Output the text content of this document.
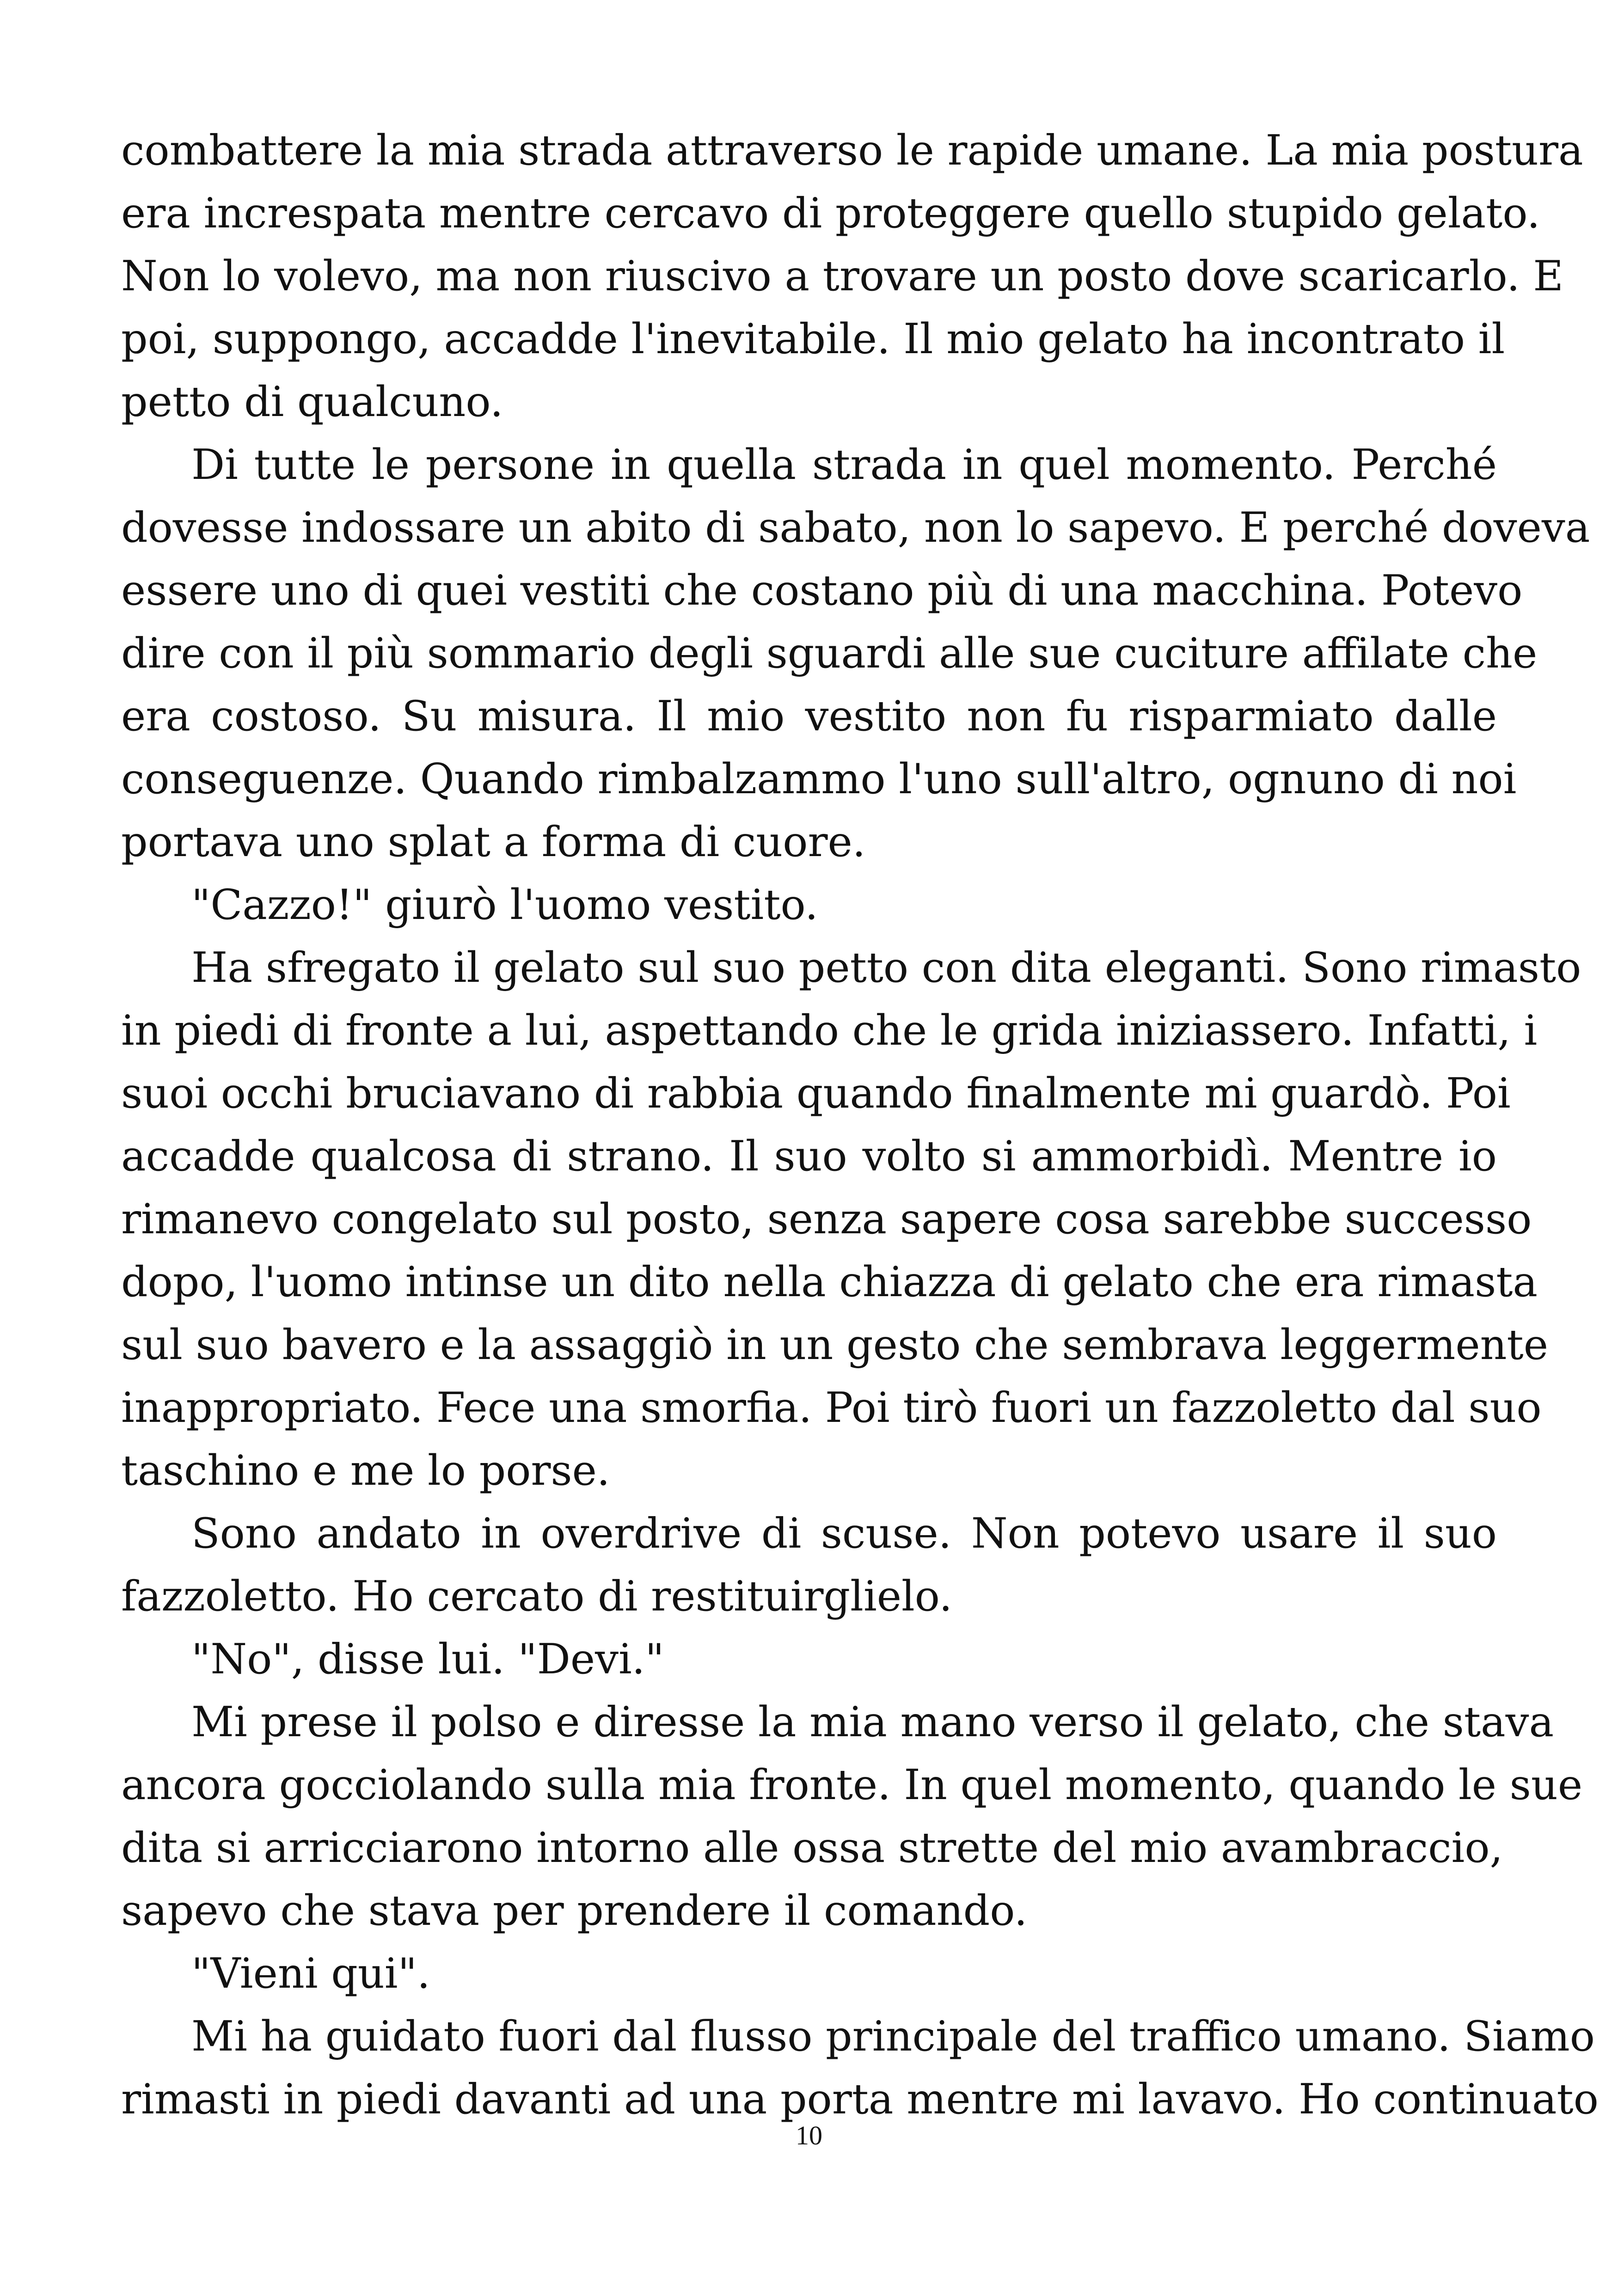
combattere la mia strada attraverso le rapide umane. La mia postura
era increspata mentre cercavo di proteggere quello stupido gelato.
Non lo volevo, ma non riuscivo a trovare un posto dove scaricarlo. E
poi, suppongo, accadde l'inevitabile. Il mio gelato ha incontrato il
petto di qualcuno.
Di tutte le persone in quella strada in quel momento. Perché
dovesse indossare un abito di sabato, non lo sapevo. E perché doveva
essere uno di quei vestiti che costano più di una macchina. Potevo
dire con il più sommario degli sguardi alle sue cuciture affilate che
era costoso. Su misura. Il mio vestito non fu risparmiato dalle
conseguenze. Quando rimbalzammo l'uno sull'altro, ognuno di noi
portava uno splat a forma di cuore.
"Cazzo!" giurò l'uomo vestito.
Ha sfregato il gelato sul suo petto con dita eleganti. Sono rimasto
in piedi di fronte a lui, aspettando che le grida iniziassero. Infatti, i
suoi occhi bruciavano di rabbia quando finalmente mi guardò. Poi
accadde qualcosa di strano. Il suo volto si ammorbidì. Mentre io
rimanevo congelato sul posto, senza sapere cosa sarebbe successo
dopo, l'uomo intinse un dito nella chiazza di gelato che era rimasta
sul suo bavero e la assaggiò in un gesto che sembrava leggermente
inappropriato. Fece una smorfia. Poi tirò fuori un fazzoletto dal suo
taschino e me lo porse.
Sono andato in overdrive di scuse. Non potevo usare il suo
fazzoletto. Ho cercato di restituirglielo.
"No", disse lui. "Devi."
Mi prese il polso e diresse la mia mano verso il gelato, che stava
ancora gocciolando sulla mia fronte. In quel momento, quando le sue
dita si arricciarono intorno alle ossa strette del mio avambraccio,
sapevo che stava per prendere il comando.
"Vieni qui".
Mi ha guidato fuori dal flusso principale del traffico umano. Siamo
rimasti in piedi davanti ad una porta mentre mi lavavo. Ho continuato
10
